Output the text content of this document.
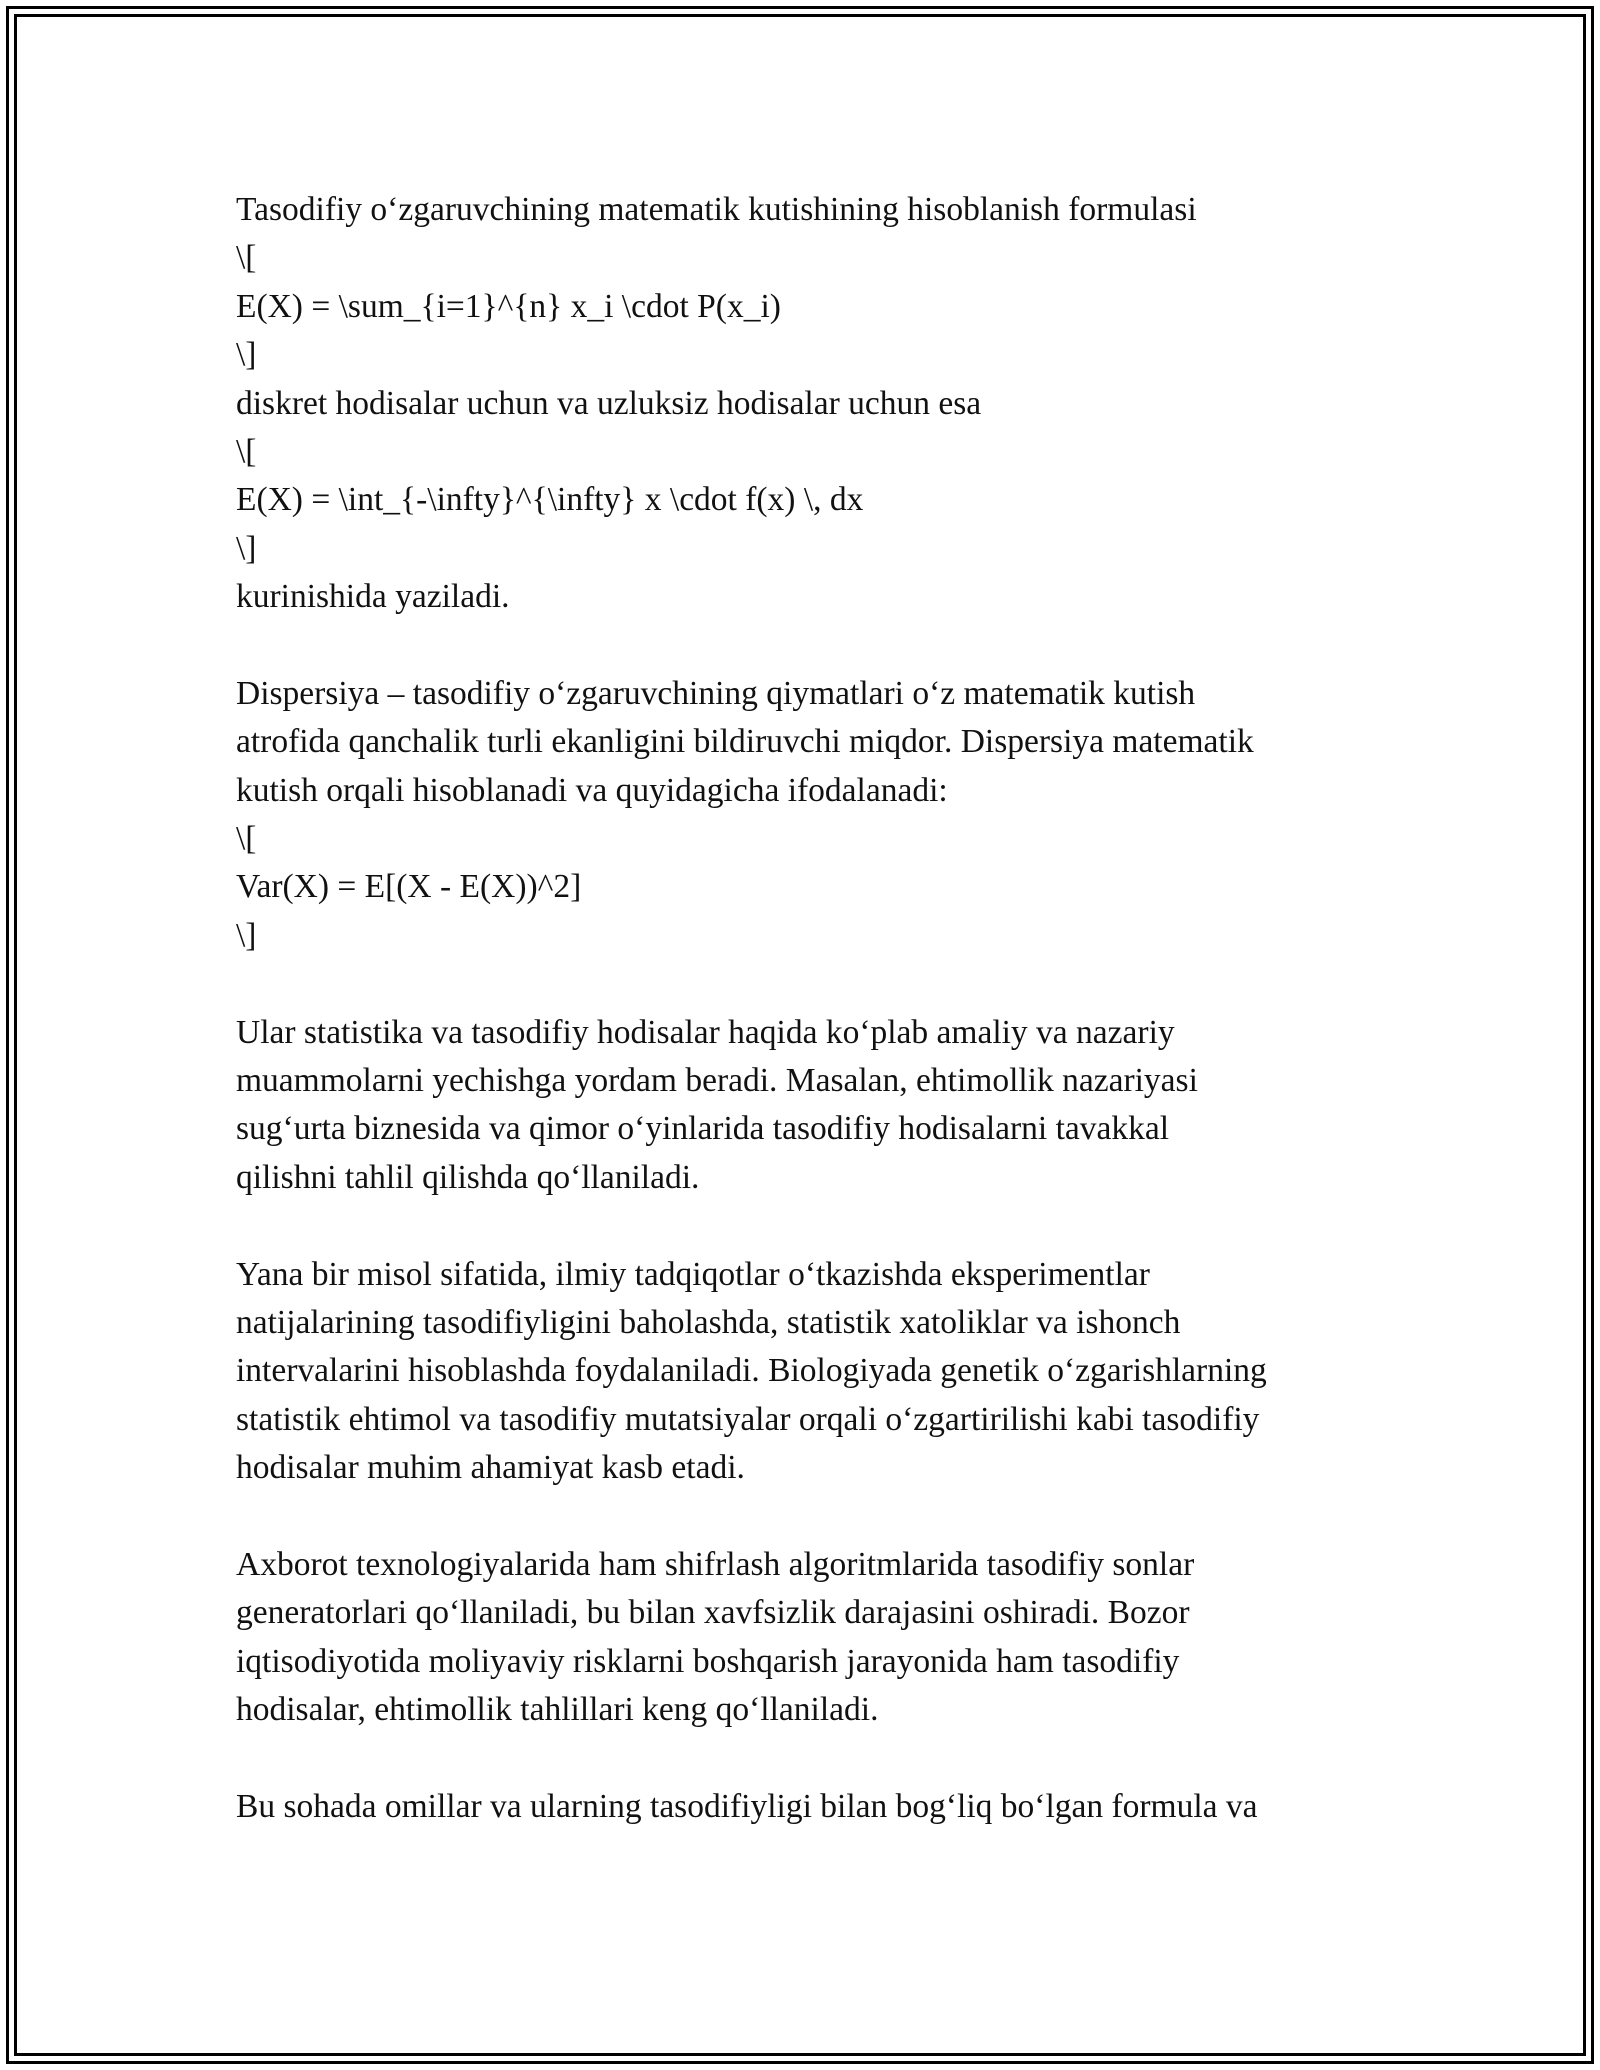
Tasodifiy o‘zgaruvchining matematik kutishining hisoblanish formulasi
\[
E(X) = \sum_{i=1}^{n} x_i \cdot P(x_i)
\]
diskret hodisalar uchun va uzluksiz hodisalar uchun esa
\[
E(X) = \int_{-\infty}^{\infty} x \cdot f(x) \, dx
\]
kurinishida yaziladi.
Dispersiya – tasodifiy o‘zgaruvchining qiymatlari o‘z matematik kutish
atrofida qanchalik turli ekanligini bildiruvchi miqdor. Dispersiya matematik
kutish orqali hisoblanadi va quyidagicha ifodalanadi:
\[
Var(X) = E[(X - E(X))^2]
\]
Ular statistika va tasodifiy hodisalar haqida ko‘plab amaliy va nazariy
muammolarni yechishga yordam beradi. Masalan, ehtimollik nazariyasi
sug‘urta biznesida va qimor o‘yinlarida tasodifiy hodisalarni tavakkal
qilishni tahlil qilishda qo‘llaniladi.
Yana bir misol sifatida, ilmiy tadqiqotlar o‘tkazishda eksperimentlar
natijalarining tasodifiyligini baholashda, statistik xatoliklar va ishonch
intervalarini hisoblashda foydalaniladi. Biologiyada genetik o‘zgarishlarning
statistik ehtimol va tasodifiy mutatsiyalar orqali o‘zgartirilishi kabi tasodifiy
hodisalar muhim ahamiyat kasb etadi.
Axborot texnologiyalarida ham shifrlash algoritmlarida tasodifiy sonlar
generatorlari qo‘llaniladi, bu bilan xavfsizlik darajasini oshiradi. Bozor
iqtisodiyotida moliyaviy risklarni boshqarish jarayonida ham tasodifiy
hodisalar, ehtimollik tahlillari keng qo‘llaniladi.
Bu sohada omillar va ularning tasodifiyligi bilan bog‘liq bo‘lgan formula va
